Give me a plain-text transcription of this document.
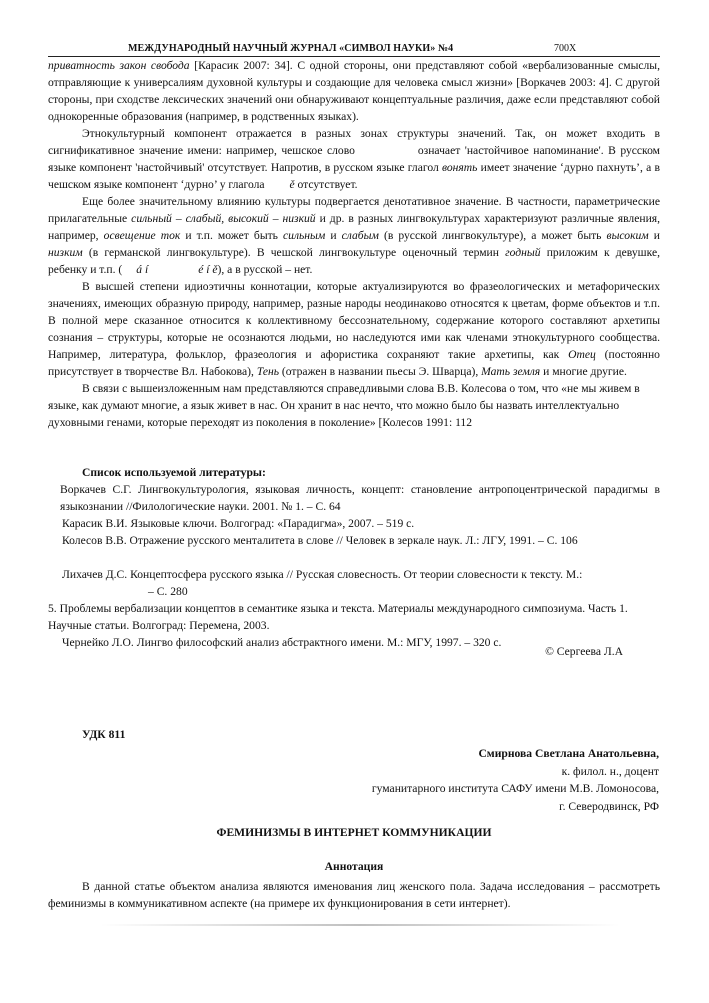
МЕЖДУНАРОДНЫЙ НАУЧНЫЙ ЖУРНАЛ «СИМВОЛ НАУКИ» №4	700X

приватность закон свобода [Карасик 2007: 34]. С одной стороны, они представляют собой «вербализованные смыслы, отправляющие к универсалиям духовной культуры и создающие для человека смысл жизни» [Воркачев 2003: 4]. С другой стороны, при сходстве лексических значений они обнаруживают концептуальные различия, даже если представляют собой однокоренные образования (например, в родственных языках).

Этнокультурный компонент отражается в разных зонах структуры значений. Так, он может входить в сигнификативное значение имени: например, чешское слово	означает 'настойчивое напоминание'. В русском языке компонент 'настойчивый' отсутствует. Напротив, в русском языке глагол вонять имеет значение ‘дурно пахнуть’, а в чешском языке компонент ‘дурно’ у глагола ě отсутствует.

Еще более значительному влиянию культуры подвергается денотативное значение. В частности, параметрические прилагательные сильный – слабый, высокий – низкий и др. в разных лингвокультурах характеризуют различные явления, например, освещение ток и т.п. может быть сильным и слабым (в русской лингвокультуре), а может быть высоким и низким (в германской лингвокультуре). В чешской лингвокультуре оценочный термин годный приложим к девушке, ребенку и т.п. ( á í	é í ě), а в русской – нет.

В высшей степени идиоэтичны коннотации, которые актуализируются во фразеологических и метафорических значениях, имеющих образную природу, например, разные народы неодинаково относятся к цветам, форме объектов и т.п. В полной мере сказанное относится к коллективному бессознательному, содержание которого составляют архетипы сознания – структуры, которые не осознаются людьми, но наследуются ими как членами этнокультурного сообщества. Например, литература, фольклор, фразеология и афористика сохраняют такие архетипы, как Отец (постоянно присутствует в творчестве Вл. Набокова), Тень (отражен в названии пьесы Э. Шварца), Мать земля и многие другие.

В связи с вышеизложенным нам представляются справедливыми слова В.В. Колесова о том, что «не мы живем в языке, как думают многие, а язык живет в нас. Он хранит в нас нечто, что можно было бы назвать интеллектуально духовными генами, которые переходят из поколения в поколение» [Колесов 1991: 112

Список используемой литературы:
Воркачев С.Г. Лингвокультурология, языковая личность, концепт: становление антропоцентрической парадигмы в языкознании //Филологические науки. 2001. № 1. – С. 64
Карасик В.И. Языковые ключи. Волгоград: «Парадигма», 2007. – 519 с.
Колесов В.В. Отражение русского менталитета в слове // Человек в зеркале наук. Л.: ЛГУ, 1991. – С. 106
Лихачев Д.С. Концептосфера русского языка // Русская словесность. От теории словесности к тексту. М.:
– С. 280
5. Проблемы вербализации концептов в семантике языка и текста. Материалы международного симпозиума. Часть 1. Научные статьи. Волгоград: Перемена, 2003.
Чернейко Л.О. Лингво философский анализ абстрактного имени. М.: МГУ, 1997. – 320 с.
© Сергеева Л.А
УДК 811
Смирнова Светлана Анатольевна,
к. филол. н., доцент
гуманитарного института САФУ имени М.В. Ломоносова,
г. Северодвинск, РФ
ФЕМИНИЗМЫ В ИНТЕРНЕТ КОММУНИКАЦИИ
Аннотация

В данной статье объектом анализа являются именования лиц женского пола. Задача исследования – рассмотреть феминизмы в коммуникативном аспекте (на примере их функционирования в сети интернет).
